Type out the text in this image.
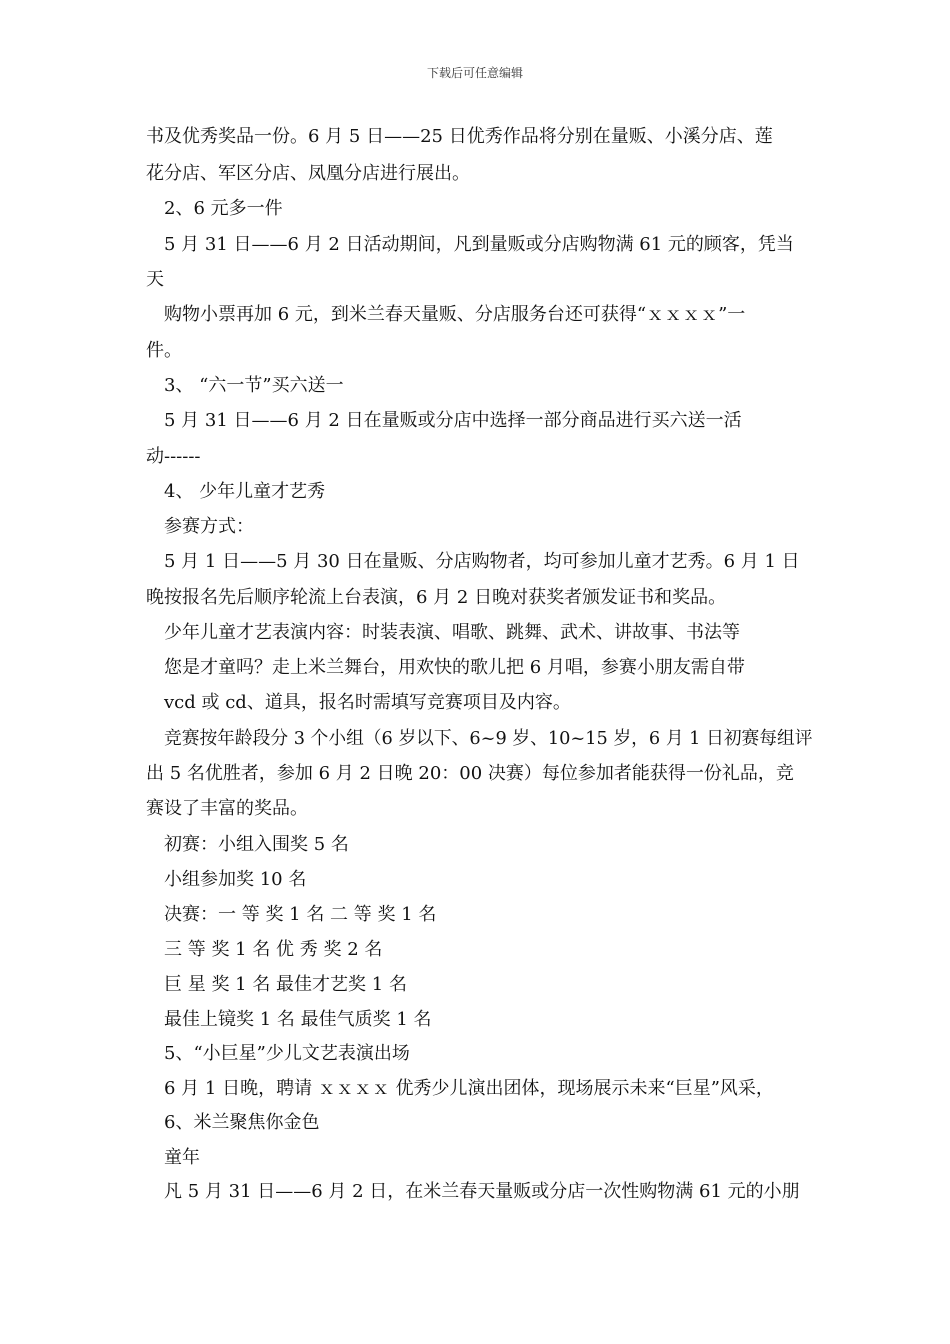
下载后可任意编辑
书及优秀奖品一份。6 月 5 日——25 日优秀作品将分别在量贩、小溪分店、莲
花分店、军区分店、凤凰分店进行展出。
2、6 元多一件
5 月 31 日——6 月 2 日活动期间，凡到量贩或分店购物满 61 元的顾客，凭当
天
购物小票再加 6 元，到米兰春天量贩、分店服务台还可获得“ｘｘｘｘ”一
件。
3、 “六一节”买六送一
5 月 31 日——6 月 2 日在量贩或分店中选择一部分商品进行买六送一活
动------
4、 少年儿童才艺秀
参赛方式：
5 月 1 日——5 月 30 日在量贩、分店购物者，均可参加儿童才艺秀。6 月 1 日
晚按报名先后顺序轮流上台表演，6 月 2 日晚对获奖者颁发证书和奖品。
少年儿童才艺表演内容：时装表演、唱歌、跳舞、武术、讲故事、书法等
您是才童吗？走上米兰舞台，用欢快的歌儿把 6 月唱，参赛小朋友需自带
vcd 或 cd、道具，报名时需填写竞赛项目及内容。
竞赛按年龄段分 3 个小组（6 岁以下、6~9 岁、10~15 岁，6 月 1 日初赛每组评
出 5 名优胜者，参加 6 月 2 日晚 20：00 决赛）每位参加者能获得一份礼品，竞
赛设了丰富的奖品。
初赛：小组入围奖 5 名
小组参加奖 10 名
决赛：一 等 奖 1 名 二 等 奖 1 名
三 等 奖 1 名 优 秀 奖 2 名
巨 星 奖 1 名 最佳才艺奖 1 名
最佳上镜奖 1 名 最佳气质奖 1 名
5、“小巨星”少儿文艺表演出场
6 月 1 日晚，聘请 ｘｘｘｘ 优秀少儿演出团体，现场展示未来“巨星”风采，
6、米兰聚焦你金色
童年
凡 5 月 31 日——6 月 2 日，在米兰春天量贩或分店一次性购物满 61 元的小朋
